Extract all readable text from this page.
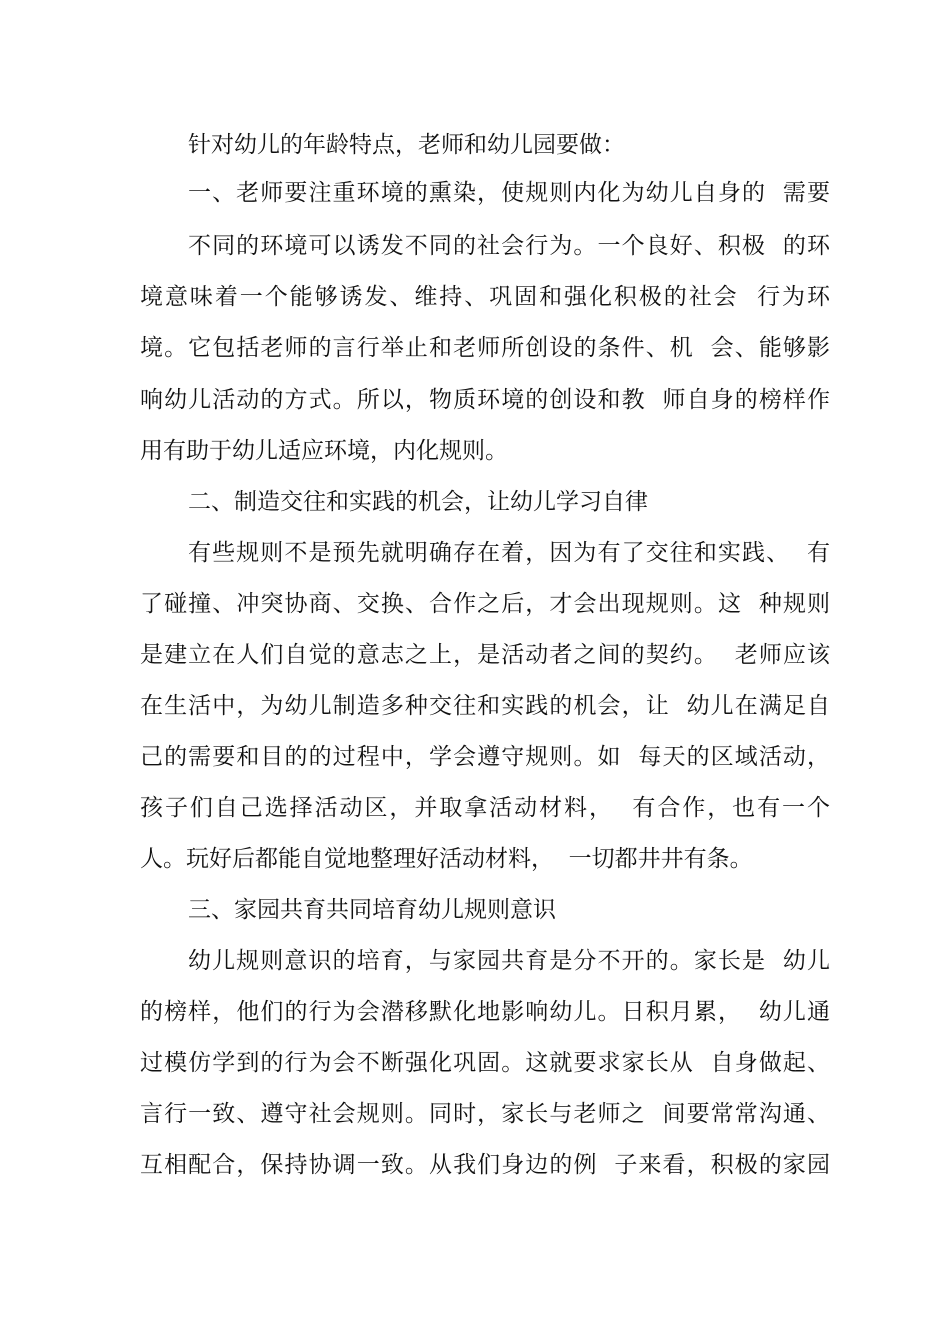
针对幼儿的年龄特点，老师和幼儿园要做：
一、老师要注重环境的熏染，使规则内化为幼儿自身的  需要
不同的环境可以诱发不同的社会行为。一个良好、积极  的环
境意味着一个能够诱发、维持、巩固和强化积极的社会  行为环
境。它包括老师的言行举止和老师所创设的条件、机  会、能够影
响幼儿活动的方式。所以，物质环境的创设和教  师自身的榜样作
用有助于幼儿适应环境，内化规则。
二、制造交往和实践的机会，让幼儿学习自律
有些规则不是预先就明确存在着，因为有了交往和实践、  有
了碰撞、冲突协商、交换、合作之后，才会出现规则。这  种规则
是建立在人们自觉的意志之上，是活动者之间的契约。  老师应该
在生活中，为幼儿制造多种交往和实践的机会，让  幼儿在满足自
己的需要和目的的过程中，学会遵守规则。如  每天的区域活动，
孩子们自己选择活动区，并取拿活动材料，  有合作，也有一个
人。玩好后都能自觉地整理好活动材料，  一切都井井有条。
三、家园共育共同培育幼儿规则意识
幼儿规则意识的培育，与家园共育是分不开的。家长是  幼儿
的榜样，他们的行为会潜移默化地影响幼儿。日积月累，  幼儿通
过模仿学到的行为会不断强化巩固。这就要求家长从  自身做起、
言行一致、遵守社会规则。同时，家长与老师之  间要常常沟通、
互相配合，保持协调一致。从我们身边的例  子来看，积极的家园
